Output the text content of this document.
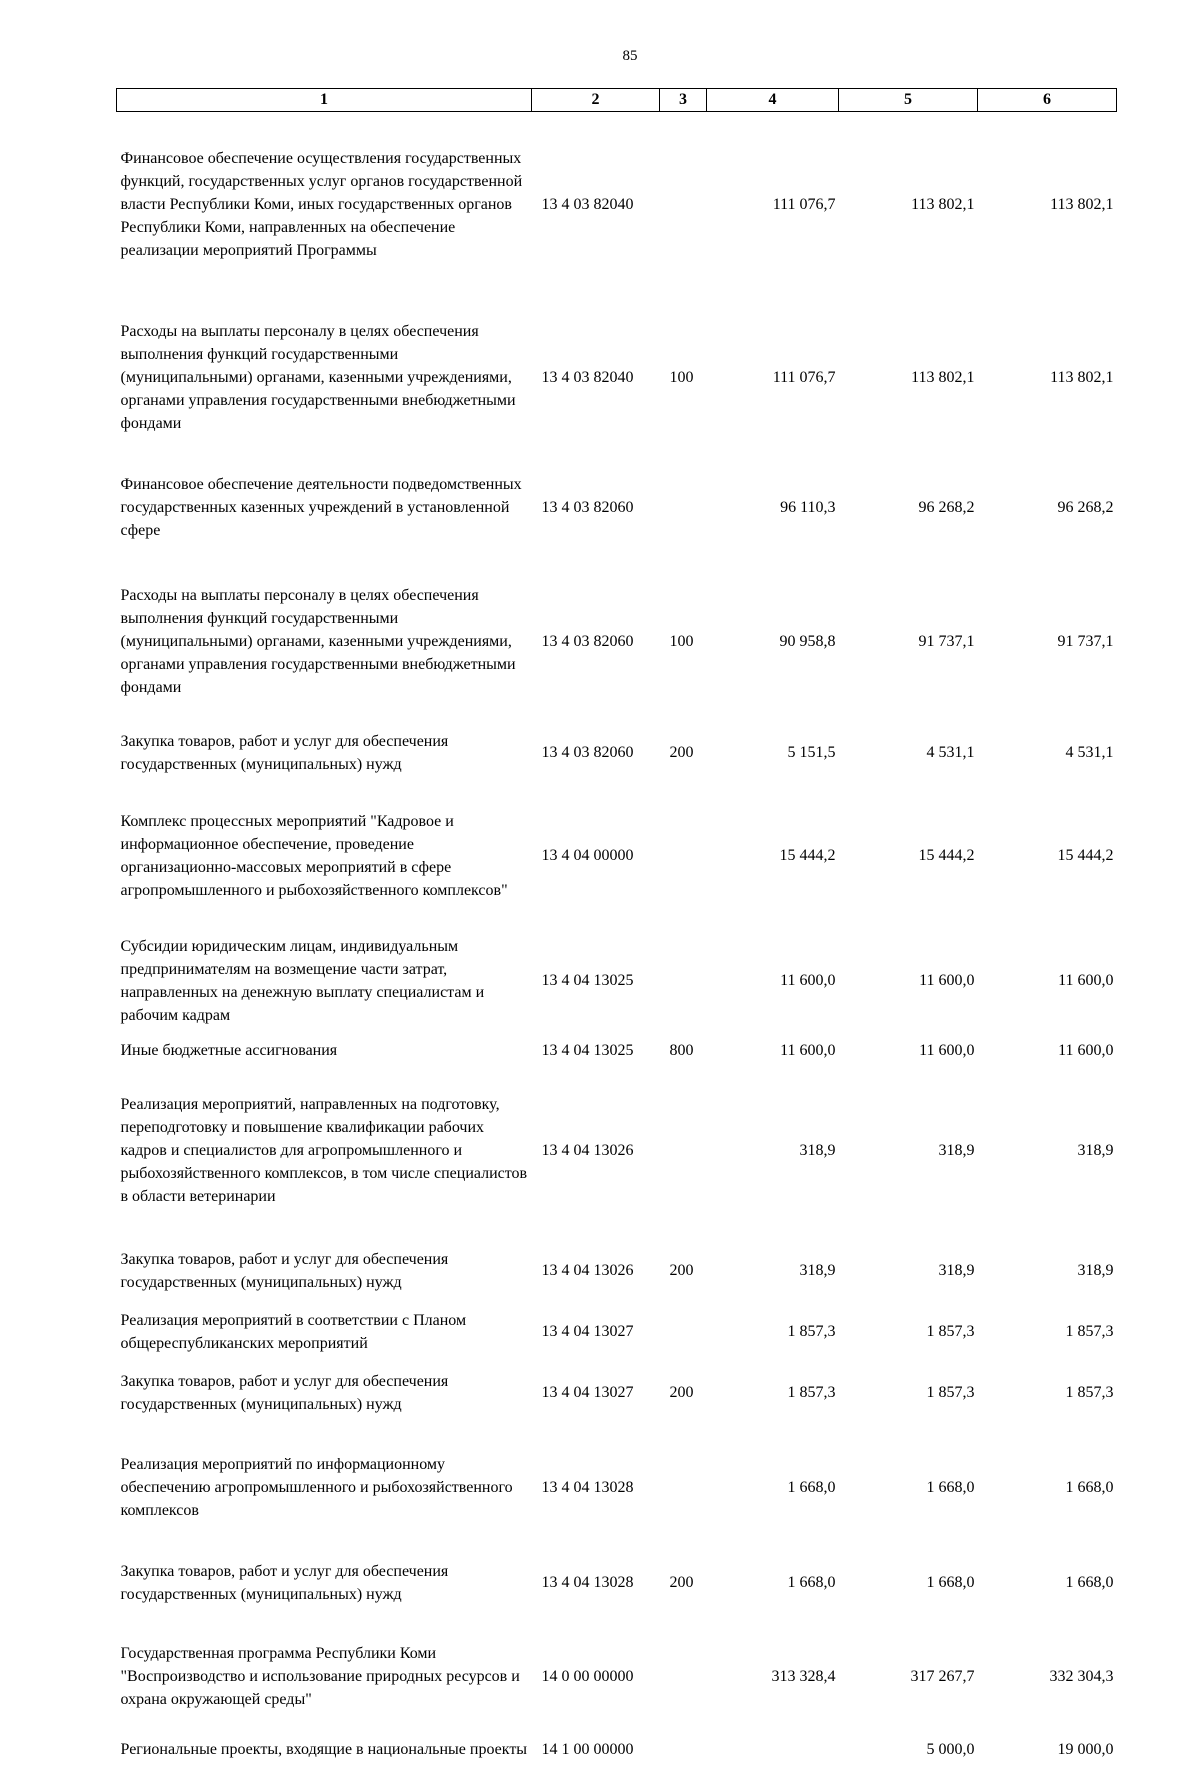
85
1	2	3	4	5	6
Финансовое обеспечение осуществления государственных функций, государственных услуг органов государственной власти Республики Коми, иных государственных органов Республики Коми, направленных на обеспечение реализации мероприятий Программы	13 4 03 82040		111 076,7	113 802,1	113 802,1
Расходы на выплаты персоналу в целях обеспечения выполнения функций государственными (муниципальными) органами, казенными учреждениями, органами управления государственными внебюджетными фондами	13 4 03 82040	100	111 076,7	113 802,1	113 802,1
Финансовое обеспечение деятельности подведомственных государственных казенных учреждений в установленной сфере	13 4 03 82060		96 110,3	96 268,2	96 268,2
Расходы на выплаты персоналу в целях обеспечения выполнения функций государственными (муниципальными) органами, казенными учреждениями, органами управления государственными внебюджетными фондами	13 4 03 82060	100	90 958,8	91 737,1	91 737,1
Закупка товаров, работ и услуг для обеспечения государственных (муниципальных) нужд	13 4 03 82060	200	5 151,5	4 531,1	4 531,1
Комплекс процессных мероприятий "Кадровое и информационное обеспечение, проведение организационно-массовых мероприятий в сфере агропромышленного и рыбохозяйственного комплексов"	13 4 04 00000		15 444,2	15 444,2	15 444,2
Субсидии юридическим лицам, индивидуальным предпринимателям на возмещение части затрат, направленных на денежную выплату специалистам и рабочим кадрам	13 4 04 13025		11 600,0	11 600,0	11 600,0
Иные бюджетные ассигнования	13 4 04 13025	800	11 600,0	11 600,0	11 600,0
Реализация мероприятий, направленных на подготовку, переподготовку и повышение квалификации рабочих кадров и специалистов для агропромышленного и рыбохозяйственного комплексов, в том числе специалистов в области ветеринарии	13 4 04 13026		318,9	318,9	318,9
Закупка товаров, работ и услуг для обеспечения государственных (муниципальных) нужд	13 4 04 13026	200	318,9	318,9	318,9
Реализация мероприятий в соответствии с Планом общереспубликанских мероприятий	13 4 04 13027		1 857,3	1 857,3	1 857,3
Закупка товаров, работ и услуг для обеспечения государственных (муниципальных) нужд	13 4 04 13027	200	1 857,3	1 857,3	1 857,3
Реализация мероприятий по информационному обеспечению агропромышленного и рыбохозяйственного комплексов	13 4 04 13028		1 668,0	1 668,0	1 668,0
Закупка товаров, работ и услуг для обеспечения государственных (муниципальных) нужд	13 4 04 13028	200	1 668,0	1 668,0	1 668,0
Государственная программа Республики Коми "Воспроизводство и использование природных ресурсов и охрана окружающей среды"	14 0 00 00000		313 328,4	317 267,7	332 304,3
Региональные проекты, входящие в национальные проекты	14 1 00 00000			5 000,0	19 000,0
